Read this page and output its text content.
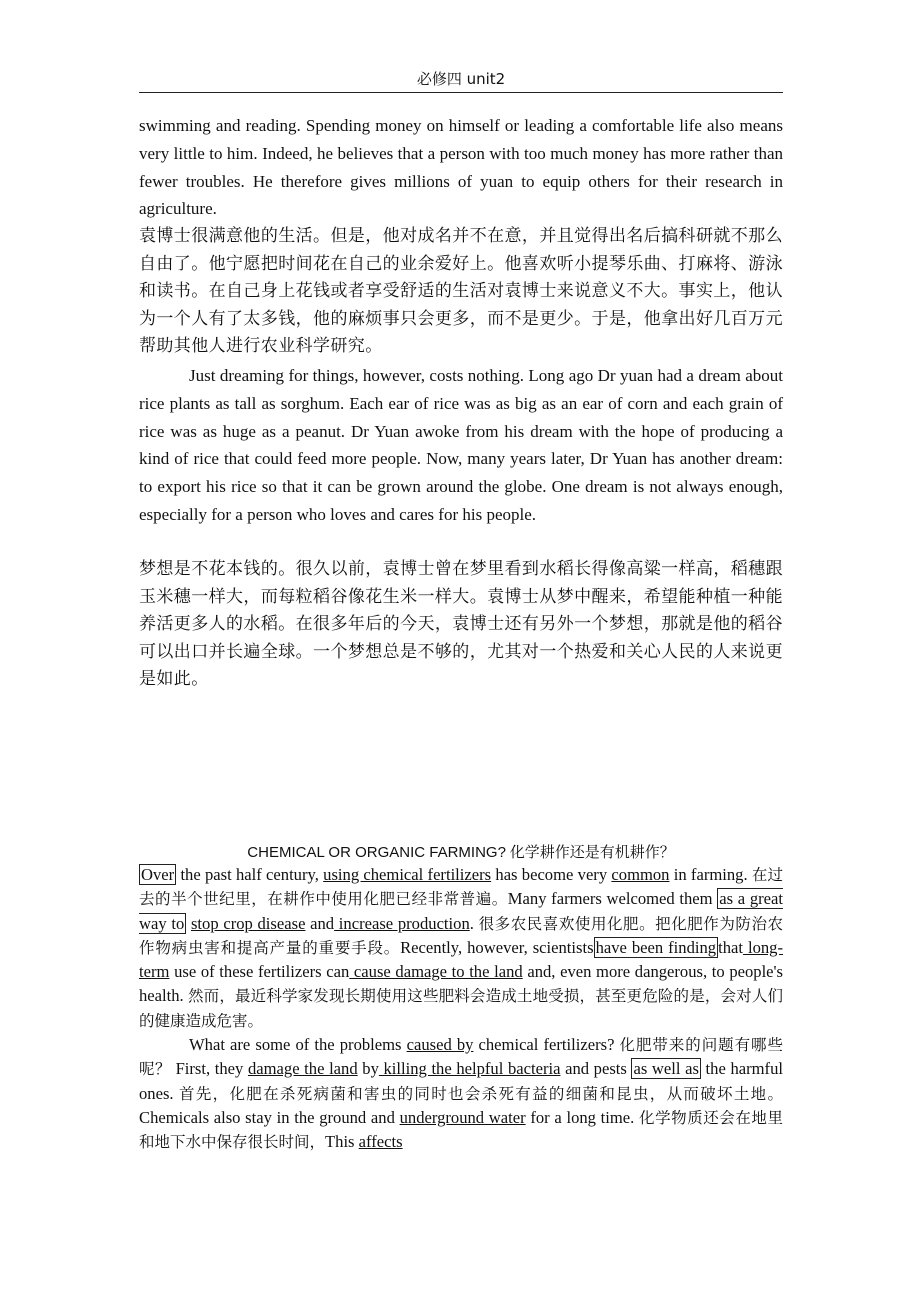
必修四 unit2

swimming and reading. Spending money on himself or leading a comfortable life also means very little to him. Indeed, he believes that a person with too much money has more rather than fewer troubles. He therefore gives millions of yuan to equip others for their research in agriculture.

袁博士很满意他的生活。但是，他对成名并不在意，并且觉得出名后搞科研就不那么自由了。他宁愿把时间花在自己的业余爱好上。他喜欢听小提琴乐曲、打麻将、游泳和读书。在自己身上花钱或者享受舒适的生活对袁博士来说意义不大。事实上，他认为一个人有了太多钱，他的麻烦事只会更多，而不是更少。于是，他拿出好几百万元帮助其他人进行农业科学研究。

Just dreaming for things, however, costs nothing. Long ago Dr yuan had a dream about rice plants as tall as sorghum. Each ear of rice was as big as an ear of corn and each grain of rice was as huge as a peanut. Dr Yuan awoke from his dream with the hope of producing a kind of rice that could feed more people. Now, many years later, Dr Yuan has another dream: to export his rice so that it can be grown around the globe. One dream is not always enough, especially for a person who loves and cares for his people.

梦想是不花本钱的。很久以前，袁博士曾在梦里看到水稻长得像高粱一样高，稻穗跟玉米穗一样大，而每粒稻谷像花生米一样大。袁博士从梦中醒来，希望能种植一种能养活更多人的水稻。在很多年后的今天，袁博士还有另外一个梦想，那就是他的稻谷可以出口并长遍全球。一个梦想总是不够的，尤其对一个热爱和关心人民的人来说更是如此。

CHEMICAL OR ORGANIC FARMING? 化学耕作还是有机耕作？

Over the past half century, using chemical fertilizers has become very common in farming. 在过去的半个世纪里，在耕作中使用化肥已经非常普遍。Many farmers welcomed them as a great way to stop crop disease and increase production. 很多农民喜欢使用化肥。把化肥作为防治农作物病虫害和提高产量的重要手段。Recently, however, scientists have been finding that long-term use of these fertilizers can cause damage to the land and, even more dangerous, to people's health. 然而，最近科学家发现长期使用这些肥料会造成土地受损，甚至更危险的是，会对人们的健康造成危害。

What are some of the problems caused by chemical fertilizers? 化肥带来的问题有哪些呢？ First, they damage the land by killing the helpful bacteria and pests as well as the harmful ones. 首先，化肥在杀死病菌和害虫的同时也会杀死有益的细菌和昆虫，从而破坏土地。Chemicals also stay in the ground and underground water for a long time. 化学物质还会在地里和地下水中保存很长时间，This affects
